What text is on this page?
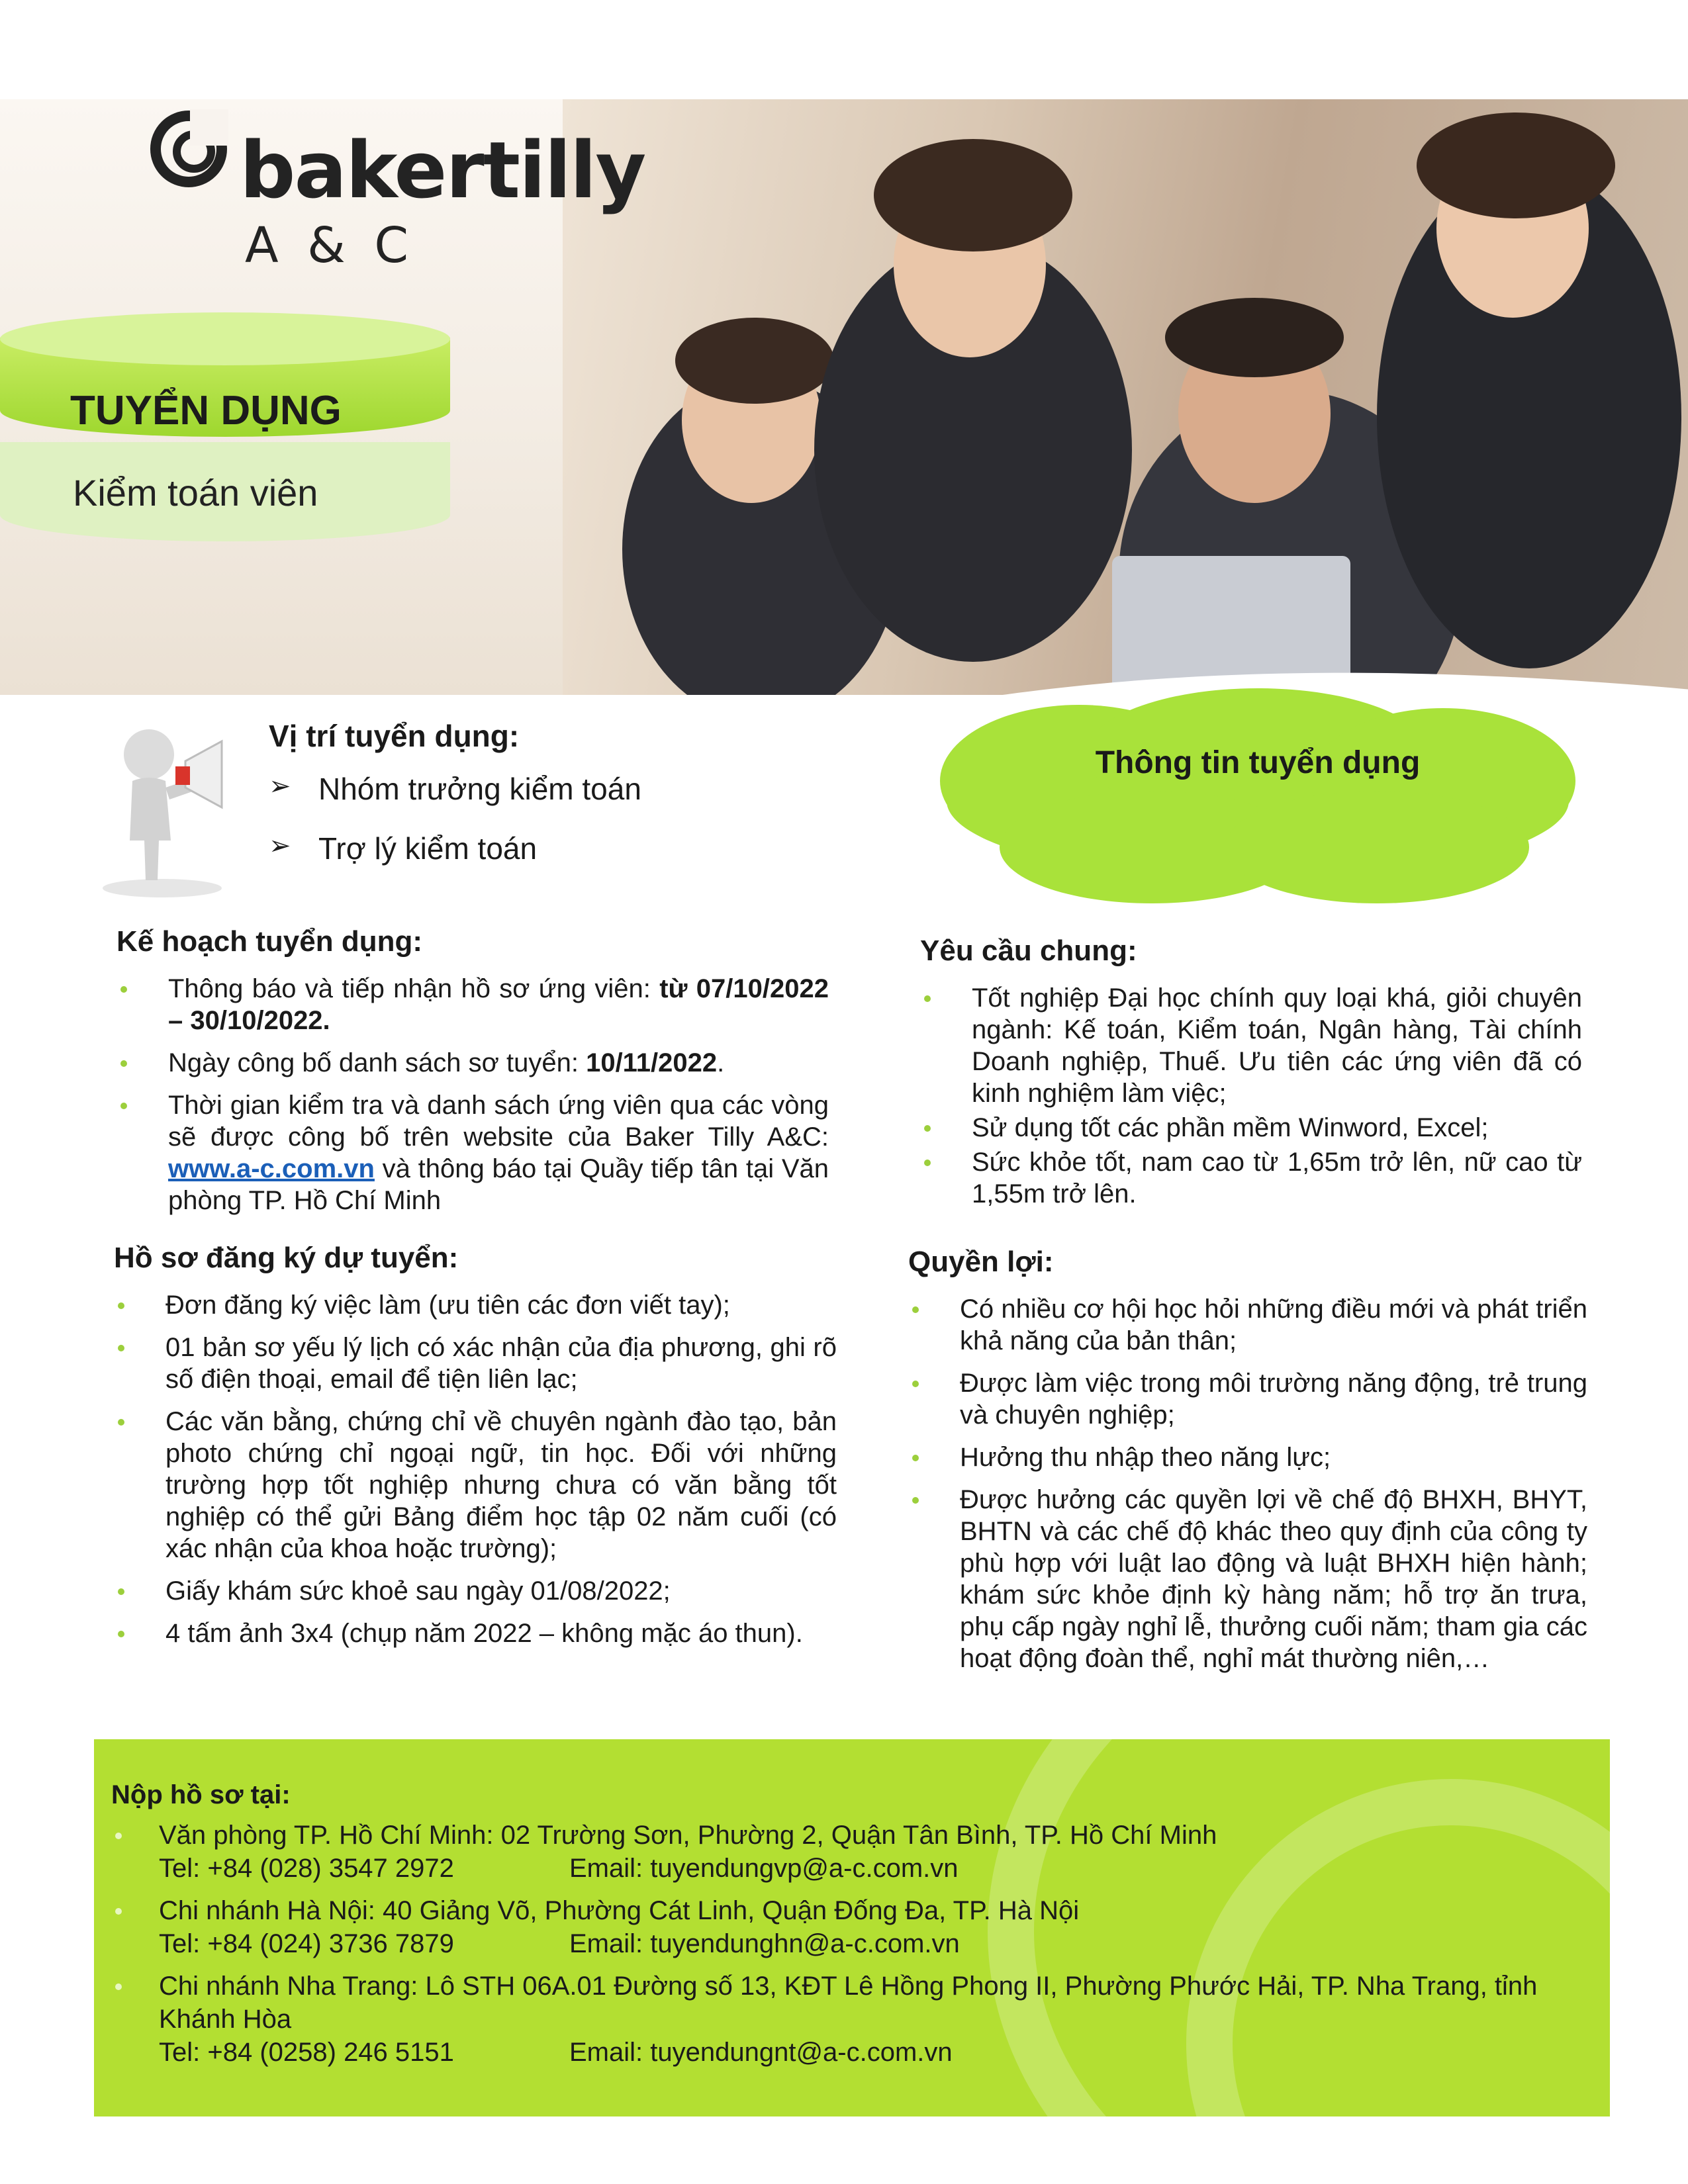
bakertilly
A & C
TUYỂN DỤNG
Kiểm toán viên
Vị trí tuyển dụng:
➢ Nhóm trưởng kiểm toán
➢ Trợ lý kiểm toán
Thông tin tuyển dụng
Kế hoạch tuyển dụng:
Thông báo và tiếp nhận hồ sơ ứng viên: từ 07/10/2022 – 30/10/2022.
Ngày công bố danh sách sơ tuyển: 10/11/2022.
Thời gian kiểm tra và danh sách ứng viên qua các vòng sẽ được công bố trên website của Baker Tilly A&C: www.a-c.com.vn và thông báo tại Quầy tiếp tân tại Văn phòng TP. Hồ Chí Minh
Hồ sơ đăng ký dự tuyển:
Đơn đăng ký việc làm (ưu tiên các đơn viết tay);
01 bản sơ yếu lý lịch có xác nhận của địa phương, ghi rõ số điện thoại, email để tiện liên lạc;
Các văn bằng, chứng chỉ về chuyên ngành đào tạo, bản photo chứng chỉ ngoại ngữ, tin học. Đối với những trường hợp tốt nghiệp nhưng chưa có văn bằng tốt nghiệp có thể gửi Bảng điểm học tập 02 năm cuối (có xác nhận của khoa hoặc trường);
Giấy khám sức khoẻ sau ngày 01/08/2022;
4 tấm ảnh 3x4 (chụp năm 2022 – không mặc áo thun).
Yêu cầu chung:
Tốt nghiệp Đại học chính quy loại khá, giỏi chuyên ngành: Kế toán, Kiểm toán, Ngân hàng, Tài chính Doanh nghiệp, Thuế. Ưu tiên các ứng viên đã có kinh nghiệm làm việc;
Sử dụng tốt các phần mềm Winword, Excel;
Sức khỏe tốt, nam cao từ 1,65m trở lên, nữ cao từ 1,55m trở lên.
Quyền lợi:
Có nhiều cơ hội học hỏi những điều mới và phát triển khả năng của bản thân;
Được làm việc trong môi trường năng động, trẻ trung và chuyên nghiệp;
Hưởng thu nhập theo năng lực;
Được hưởng các quyền lợi về chế độ BHXH, BHYT, BHTN và các chế độ khác theo quy định của công ty phù hợp với luật lao động và luật BHXH hiện hành; khám sức khỏe định kỳ hàng năm; hỗ trợ ăn trưa, phụ cấp ngày nghỉ lễ, thưởng cuối năm; tham gia các hoạt động đoàn thể, nghỉ mát thường niên,…
Nộp hồ sơ tại:
Văn phòng TP. Hồ Chí Minh: 02 Trường Sơn, Phường 2, Quận Tân Bình, TP. Hồ Chí Minh
Tel: +84 (028) 3547 2972	Email: tuyendungvp@a-c.com.vn
Chi nhánh Hà Nội: 40 Giảng Võ, Phường Cát Linh, Quận Đống Đa, TP. Hà Nội
Tel: +84 (024) 3736 7879	Email: tuyendunghn@a-c.com.vn
Chi nhánh Nha Trang: Lô STH 06A.01 Đường số 13, KĐT Lê Hồng Phong II, Phường Phước Hải, TP. Nha Trang, tỉnh Khánh Hòa
Tel: +84 (0258) 246 5151	Email: tuyendungnt@a-c.com.vn
